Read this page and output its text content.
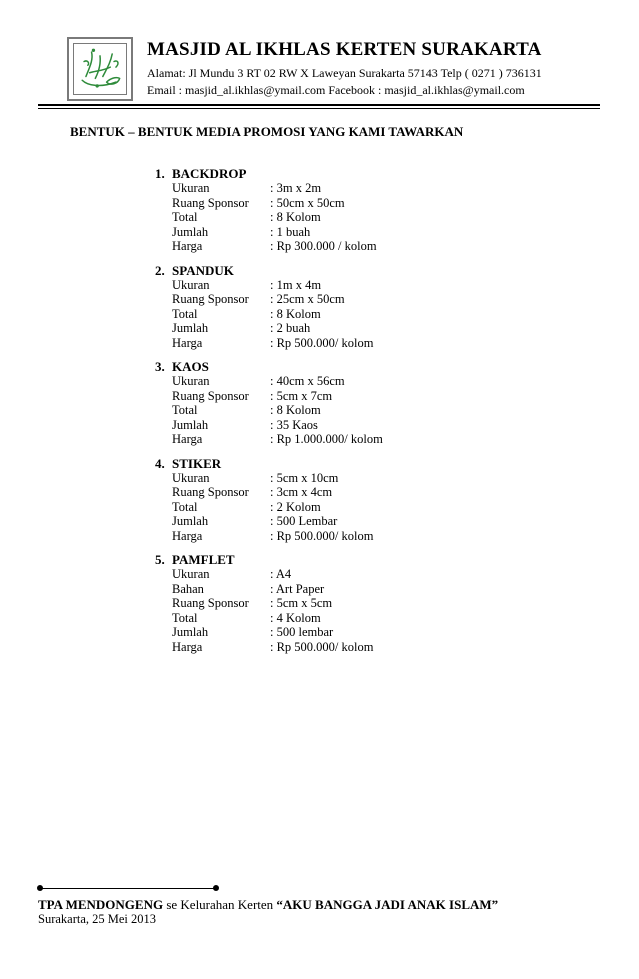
MASJID AL IKHLAS KERTEN SURAKARTA
Alamat: Jl Mundu 3 RT 02 RW X Laweyan Surakarta 57143 Telp ( 0271 ) 736131
Email : masjid_al.ikhlas@ymail.com Facebook : masjid_al.ikhlas@ymail.com
BENTUK – BENTUK MEDIA PROMOSI YANG KAMI TAWARKAN
1. BACKDROP
Ukuran	: 3m x 2m
Ruang Sponsor : 50cm x 50cm
Total	: 8 Kolom
Jumlah	: 1 buah
Harga	: Rp 300.000 / kolom
2. SPANDUK
Ukuran	: 1m x 4m
Ruang Sponsor : 25cm x 50cm
Total	: 8 Kolom
Jumlah	: 2 buah
Harga	: Rp 500.000/ kolom
3. KAOS
Ukuran	: 40cm x 56cm
Ruang Sponsor : 5cm x 7cm
Total	: 8 Kolom
Jumlah	: 35 Kaos
Harga	: Rp 1.000.000/ kolom
4. STIKER
Ukuran	: 5cm x 10cm
Ruang Sponsor : 3cm x 4cm
Total	: 2 Kolom
Jumlah	: 500 Lembar
Harga	: Rp 500.000/ kolom
5. PAMFLET
Ukuran	: A4
Bahan	: Art Paper
Ruang Sponsor : 5cm x 5cm
Total	: 4 Kolom
Jumlah	: 500 lembar
Harga	: Rp 500.000/ kolom
TPA MENDONGENG se Kelurahan Kerten “AKU BANGGA JADI ANAK ISLAM”
Surakarta, 25 Mei 2013
